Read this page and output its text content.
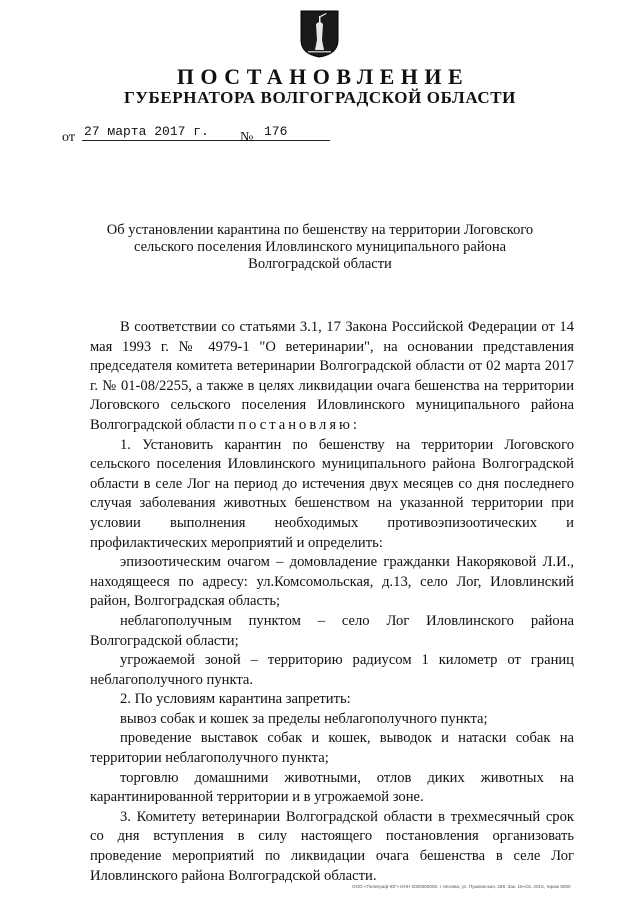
ПОСТАНОВЛЕНИЕ
ГУБЕРНАТОРА ВОЛГОГРАДСКОЙ ОБЛАСТИ
от 27 марта 2017 г.	№ 176
Об установлении карантина по бешенству на территории Логовского
сельского поселения Иловлинского муниципального района
Волгоградской области

В соответствии со статьями 3.1, 17 Закона Российской Федерации от 14 мая 1993 г. № 4979-1 "О ветеринарии", на основании представления председателя комитета ветеринарии Волгоградской области от 02 марта 2017 г. № 01-08/2255, а также в целях ликвидации очага бешенства на территории Логовского сельского поселения Иловлинского муниципального района Волгоградской области постановляю:

1. Установить карантин по бешенству на территории Логовского сельского поселения Иловлинского муниципального района Волгоградской области в селе Лог на период до истечения двух месяцев со дня последнего случая заболевания животных бешенством на указанной территории при условии выполнения необходимых противоэпизоотических и профилактических мероприятий и определить:

эпизоотическим очагом – домовладение гражданки Накоряковой Л.И., находящееся по адресу: ул.Комсомольская, д.13, село Лог, Иловлинский район, Волгоградская область;

неблагополучным пунктом – село Лог Иловлинского района Волгоградской области;

угрожаемой зоной – территорию радиусом 1 километр от границ неблагополучного пункта.

2. По условиям карантина запретить:

вывоз собак и кошек за пределы неблагополучного пункта;

проведение выставок собак и кошек, выводок и натаски собак на территории неблагополучного пункта;

торговлю домашними животными, отлов диких животных на карантинированной территории и в угрожаемой зоне.

3. Комитету ветеринарии Волгоградской области в трехмесячный срок со дня вступления в силу настоящего постановления организовать проведение мероприятий по ликвидации очага бешенства в селе Лог Иловлинского района Волгоградской области.

ООО «Полиграф-ЮГ» ИНН 0000000000, г. Москва, ул. Пушкинская, 268. Зак. 16»Св, 2015, тираж 5000
